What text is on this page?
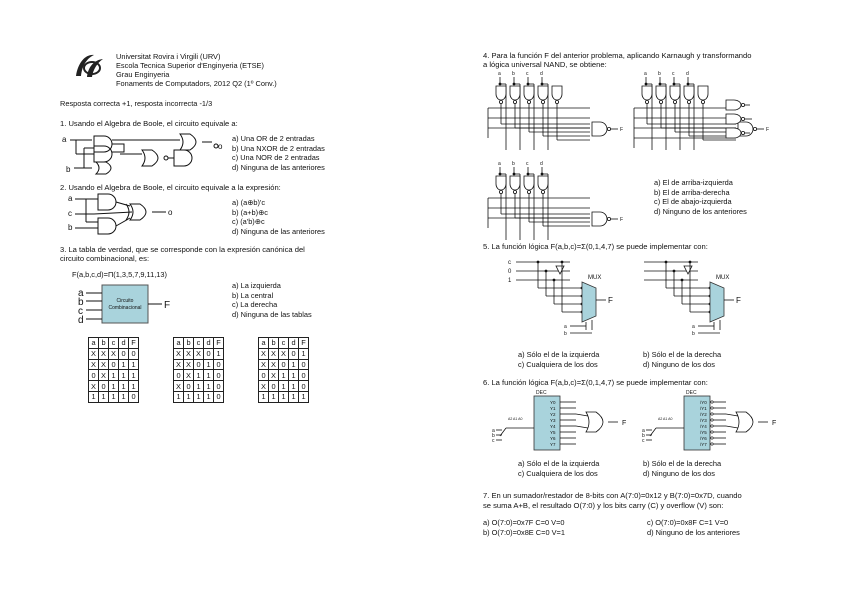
Universitat Rovira i Virgili (URV)
Escola Tecnica Superior d'Enginyeria (ETSE)
Grau Enginyeria
Fonaments de Computadors, 2012 Q2 (1º Conv.)
Resposta correcta +1, resposta incorrecta -1/3
1. Usando el Algebra de Boole, el circuito equivale a:
a
b
o
a) Una OR de 2 entradas
b) Una NXOR de 2 entradas
c) Una NOR de 2 entradas
d) Ninguna de las anteriores
2. Usando el Algebra de Boole, el circuito equivale a la expresión:
a
c
b
o
a) (a⊕b)'c
b) (a+b)⊕c
c) (a'b)⊕c
d) Ninguna de las anteriores
3. La tabla de verdad, que se corresponde con la expresión canónica del
circuito combinacional, es:
F(a,b,c,d)=Π(1,3,5,7,9,11,13)
a
b
c
d
Circuito
Combinacional F
a) La izquierda
b) La central
c) La derecha
d) Ninguna de las tablas
a	b	c	d	F
X	X	X	0	0
X	X	0	1	1
0	X	1	1	1
X	0	1	1	1
1	1	1	1	0
a	b	c	d	F
X	X	X	0	1
X	X	0	1	0
0	X	1	1	0
X	0	1	1	0
1	1	1	1	0
a	b	c	d	F
X	X	X	0	1
X	X	0	1	0
0	X	1	1	0
X	0	1	1	0
1	1	1	1	1
4. Para la función F del anterior problema, aplicando Karnaugh y transformando
a lógica universal NAND, se obtiene:
a b c d
F
a b c d
F
a b c d
F
a) El de arriba-izquierda
b) El de arriba-derecha
c) El de abajo-izquierda
d) Ninguno de los anteriores
5. La función lógica F(a,b,c)=Σ(0,1,4,7) se puede implementar con:
c
0
1	MUX
F
a
b
MUX
F
a
b
a) Sólo el de la izquierda
c) Cualquiera de los dos
b) Sólo el de la derecha
d) Ninguno de los dos
6. La función lógica F(a,b,c)=Σ(0,1,4,7) se puede implementar con:
DEC
Y0
Y1
Y2
Y3
Y4
Y5
Y6
Y7
A2 A1 A0
a
b
c
F
DEC
/Y0
/Y1
/Y2
/Y3
/Y4
/Y5
/Y6
/Y7
A2 A1 A0
a
b
c
F
a) Sólo el de la izquierda
c) Cualquiera de los dos
b) Sólo el de la derecha
d) Ninguno de los dos
7. En un sumador/restador de 8-bits con A(7:0)=0x12 y B(7:0)=0x7D, cuando
se suma A+B, el resultado O(7:0) y los bits carry (C) y overflow (V) son:
a) O(7:0)=0x7F C=0 V=0
b) O(7:0)=0x8E C=0 V=1
c) O(7:0)=0x8F C=1 V=0
d) Ninguno de los anteriores
